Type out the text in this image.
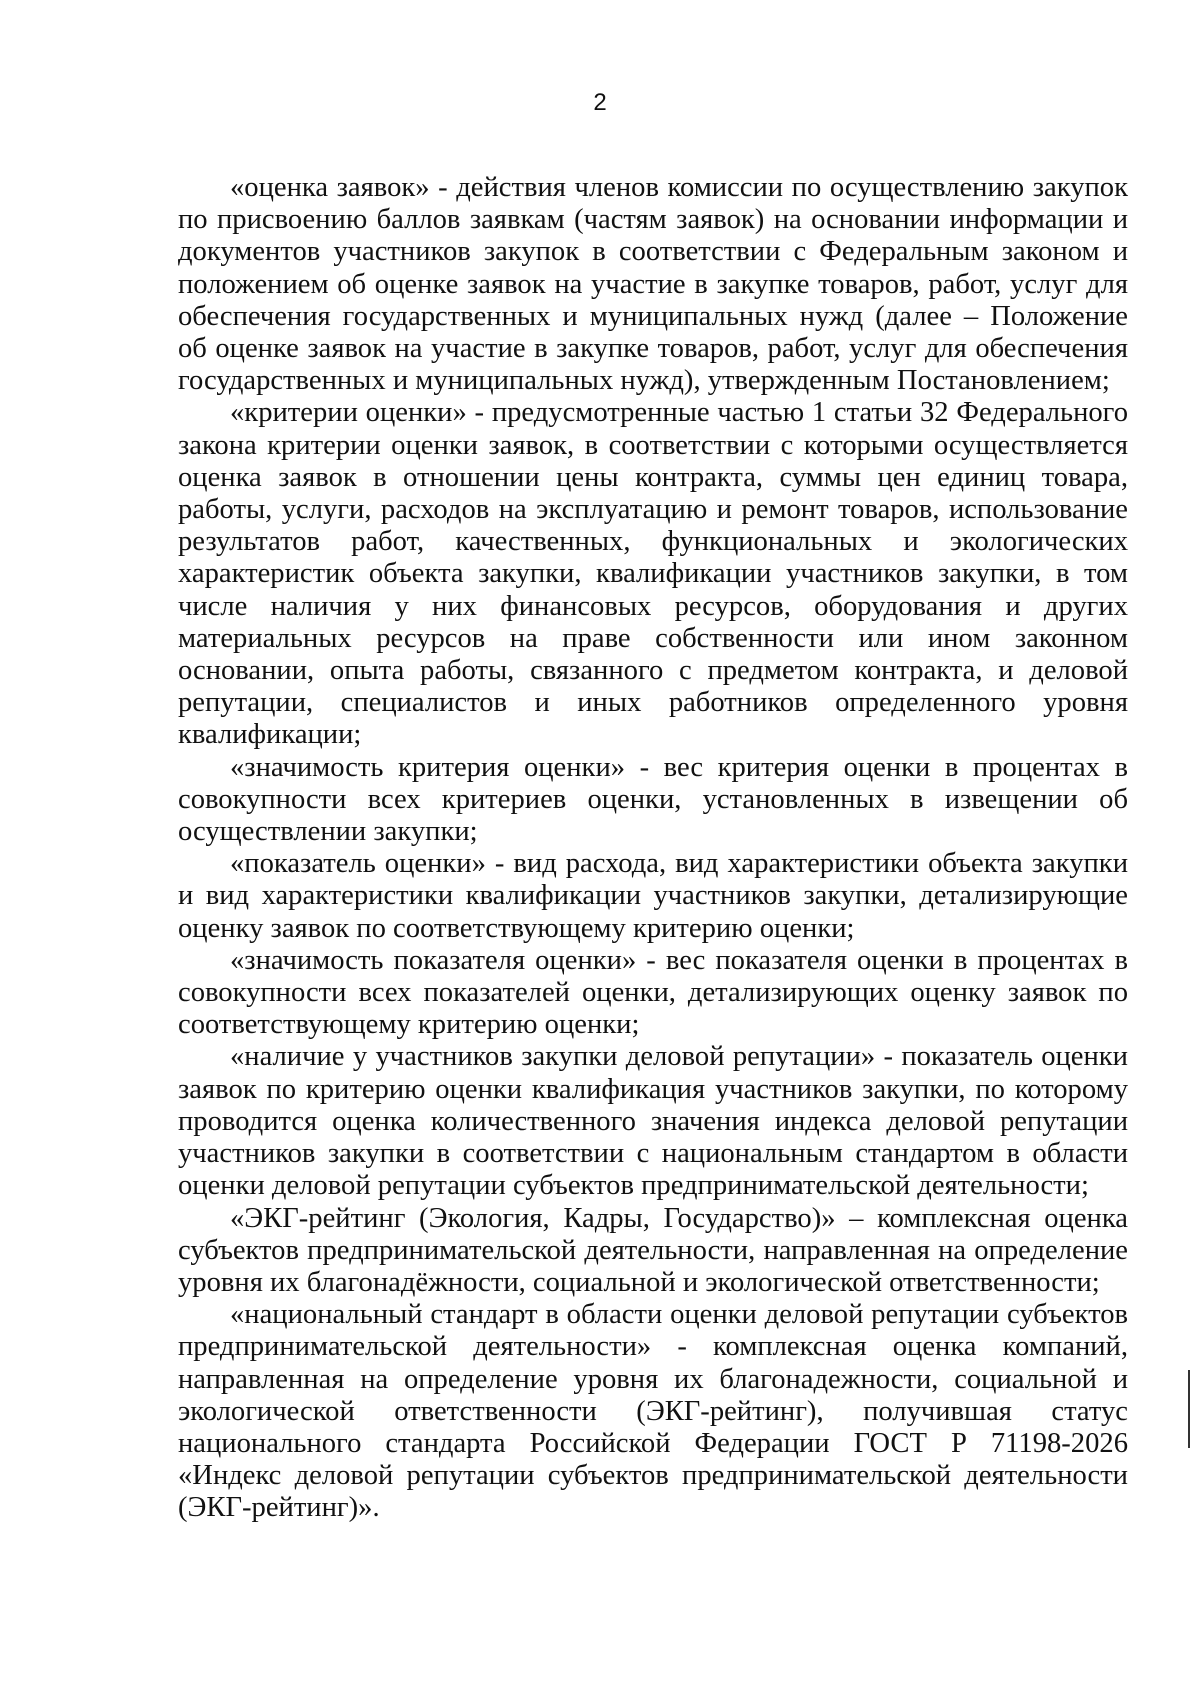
2

«оценка заявок» - действия членов комиссии по осуществлению закупок по присвоению баллов заявкам (частям заявок) на основании информации и документов участников закупок в соответствии с Федеральным законом и положением об оценке заявок на участие в закупке товаров, работ, услуг для обеспечения государственных и муниципальных нужд (далее – Положение об оценке заявок на участие в закупке товаров, работ, услуг для обеспечения государственных и муниципальных нужд), утвержденным Постановлением;

«критерии оценки» - предусмотренные частью 1 статьи 32 Федерального закона критерии оценки заявок, в соответствии с которыми осуществляется оценка заявок в отношении цены контракта, суммы цен единиц товара, работы, услуги, расходов на эксплуатацию и ремонт товаров, использование результатов работ, качественных, функциональных и экологических характеристик объекта закупки, квалификации участников закупки, в том числе наличия у них финансовых ресурсов, оборудования и других материальных ресурсов на праве собственности или ином законном основании, опыта работы, связанного с предметом контракта, и деловой репутации, специалистов и иных работников определенного уровня квалификации;

«значимость критерия оценки» - вес критерия оценки в процентах в совокупности всех критериев оценки, установленных в извещении об осуществлении закупки;

«показатель оценки» - вид расхода, вид характеристики объекта закупки и вид характеристики квалификации участников закупки, детализирующие оценку заявок по соответствующему критерию оценки;

«значимость показателя оценки» - вес показателя оценки в процентах в совокупности всех показателей оценки, детализирующих оценку заявок по соответствующему критерию оценки;

«наличие у участников закупки деловой репутации» - показатель оценки заявок по критерию оценки квалификация участников закупки, по которому проводится оценка количественного значения индекса деловой репутации участников закупки в соответствии с национальным стандартом в области оценки деловой репутации субъектов предпринимательской деятельности;

«ЭКГ-рейтинг (Экология, Кадры, Государство)» – комплексная оценка субъектов предпринимательской деятельности, направленная на определение уровня их благонадёжности, социальной и экологической ответственности;

«национальный стандарт в области оценки деловой репутации субъектов предпринимательской деятельности» - комплексная оценка компаний, направленная на определение уровня их благонадежности, социальной и экологической ответственности (ЭКГ-рейтинг), получившая статус национального стандарта Российской Федерации ГОСТ Р 71198-2026 «Индекс деловой репутации субъектов предпринимательской деятельности (ЭКГ-рейтинг)».
